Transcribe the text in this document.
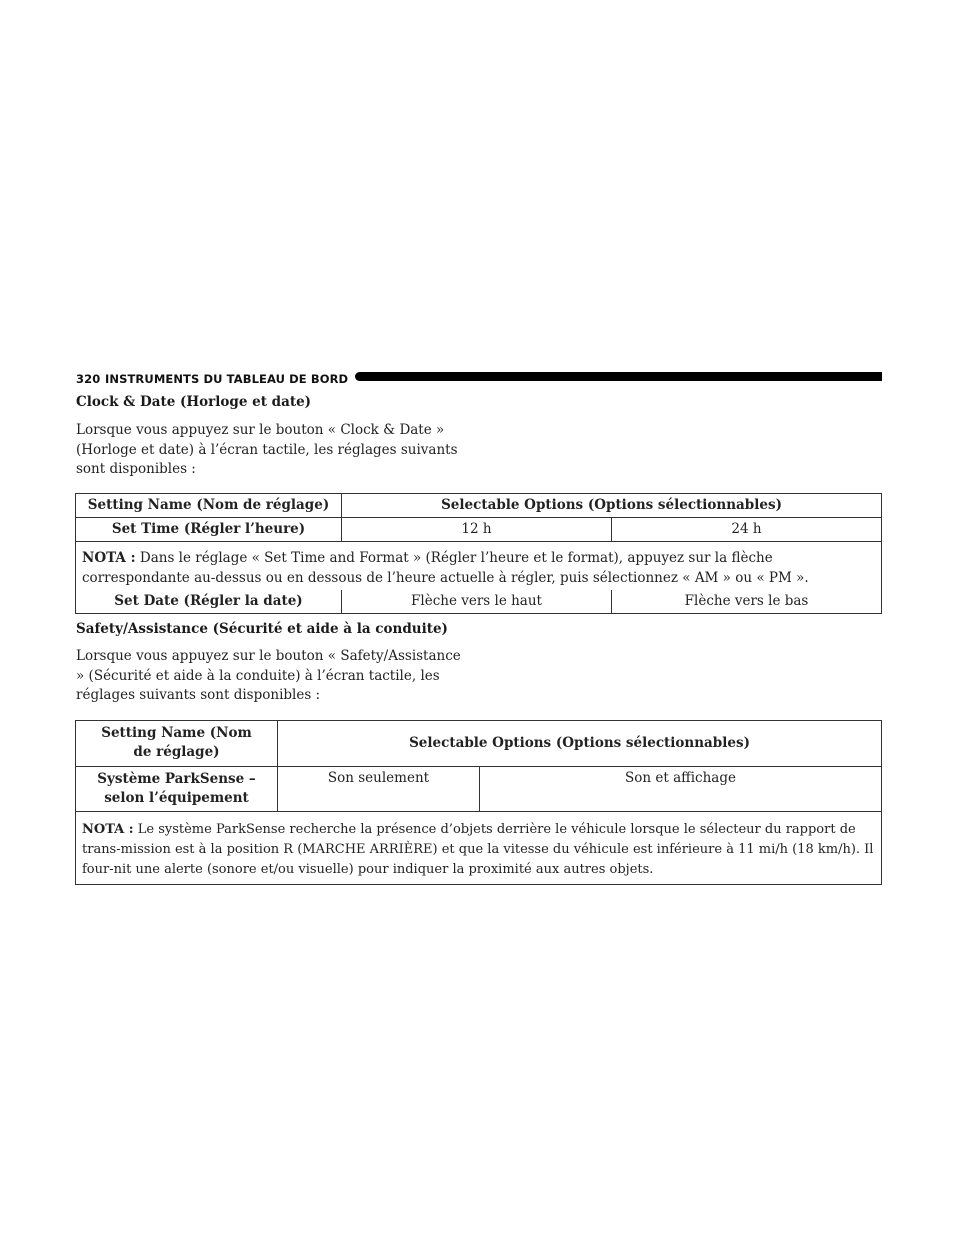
320 INSTRUMENTS DU TABLEAU DE BORD
Clock & Date (Horloge et date)

Lorsque vous appuyez sur le bouton « Clock & Date » (Horloge et date) à l’écran tactile, les réglages suivants sont disponibles :

Setting Name (Nom de réglage)	Selectable Options (Options sélectionnables)	
Set Time (Régler l’heure)	12 h	24 h
NOTA : Dans le réglage « Set Time and Format » (Régler l’heure et le format), appuyez sur la flèche correspondante au-dessus ou en dessous de l’heure actuelle à régler, puis sélectionnez « AM » ou « PM ».		
Set Date (Régler la date)	Flèche vers le haut	Flèche vers le bas
Safety/Assistance (Sécurité et aide à la conduite)

Lorsque vous appuyez sur le bouton « Safety/Assistance » (Sécurité et aide à la conduite) à l’écran tactile, les réglages suivants sont disponibles :

Setting Name (Nom de réglage)	Selectable Options (Options sélectionnables)	
Système ParkSense – selon l’équipement	Son seulement	Son et affichage
NOTA : Le système ParkSense recherche la présence d’objets derrière le véhicule lorsque le sélecteur du rapport de trans-mission est à la position R (MARCHE ARRIÈRE) et que la vitesse du véhicule est inférieure à 11 mi/h (18 km/h). Il four-nit une alerte (sonore et/ou visuelle) pour indiquer la proximité aux autres objets.		
